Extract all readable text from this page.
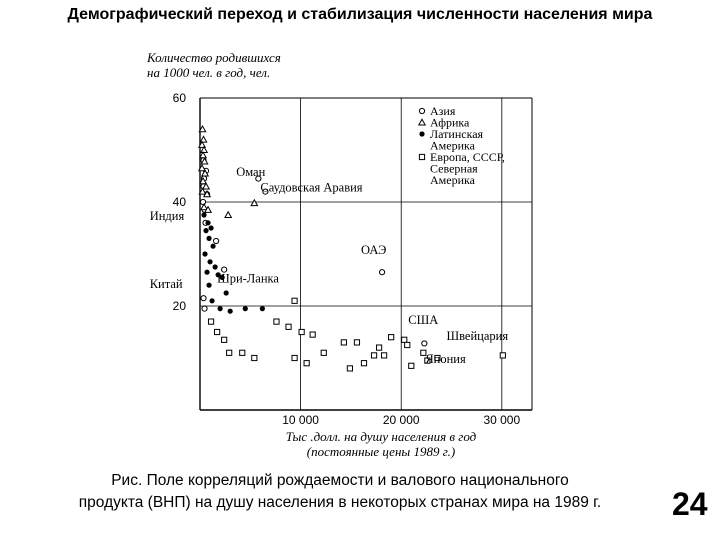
Демографический переход и стабилизация численности населения мира
20
40
60
10 000	20 000	30 000
Оман
Саудовская Аравия
Индия
Китай	Шри-Ланка
ОАЭ
США
Швейцария
Япония
Азия
Африка
Латинская
Америка
Европа, СССР,
Северная
Америка
Количество родившихся
на 1000 чел. в год, чел.
Тыс .долл. на душу населения в год
(постоянные цены 1989 г.)
Рис. Поле корреляций рождаемости и валового национального
продукта (ВНП) на душу населения в некоторых странах мира на 1989 г.	24
